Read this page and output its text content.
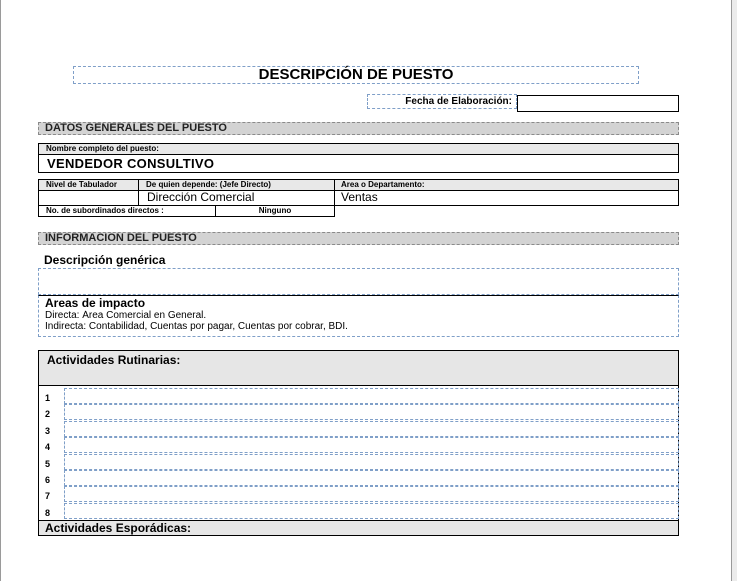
DESCRIPCIÓN DE PUESTO
Fecha de Elaboración:
DATOS GENERALES DEL PUESTO
Nombre completo del puesto:
VENDEDOR CONSULTIVO
Nivel de Tabulador	De quien depende: (Jefe Directo)
Dirección Comercial
Area o Departamento:
Ventas
No. de subordinados directos :	Ninguno
INFORMACION DEL PUESTO
Descripción genérica
Areas de impacto
Directa: Área Comercial en General.
Indirecta: Contabilidad, Cuentas por pagar, Cuentas por cobrar, BDI.
Actividades Rutinarias:
1
2
3
4
5
6
7
8
Actividades Esporádicas:
